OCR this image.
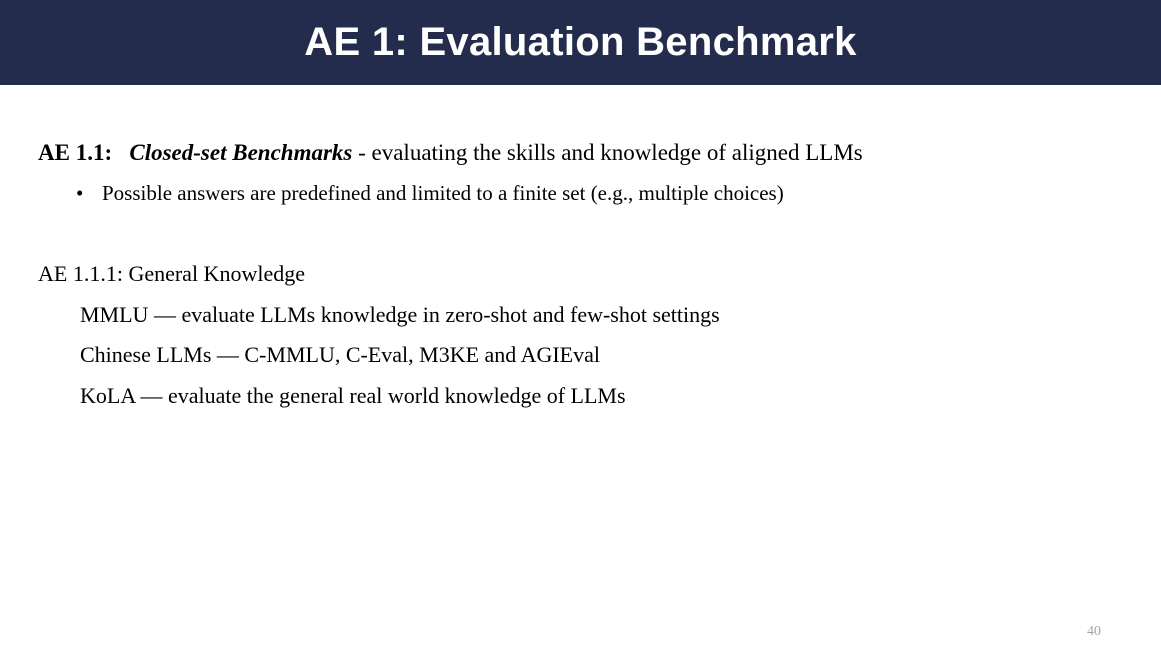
AE 1: Evaluation Benchmark
AE 1.1: Closed-set Benchmarks - evaluating the skills and knowledge of aligned LLMs
• Possible answers are predefined and limited to a finite set (e.g., multiple choices)
AE 1.1.1: General Knowledge
MMLU — evaluate LLMs knowledge in zero-shot and few-shot settings
Chinese LLMs — C-MMLU, C-Eval, M3KE and AGIEval
KoLA — evaluate the general real world knowledge of LLMs
40
